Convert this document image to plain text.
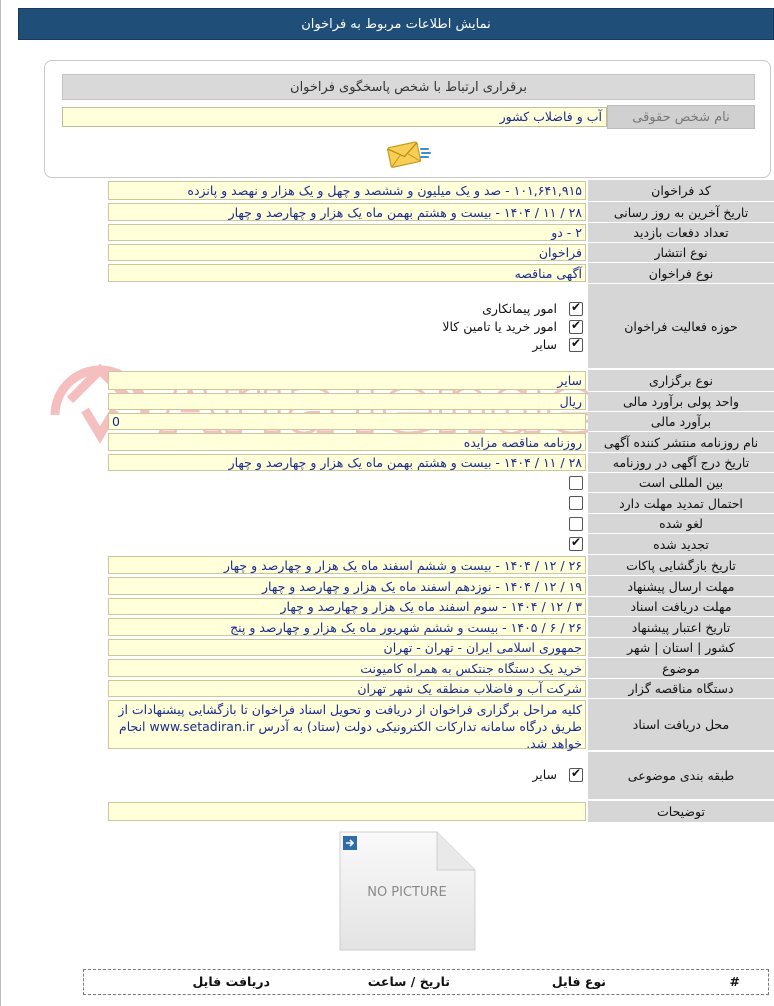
نمایش اطلاعات مربوط به فراخوان
برقراری ارتباط با شخص پاسخگوی فراخوان
نام شخص حقوقی
آب و فاضلاب کشور
کد فراخوان
۱۰۱,۶۴۱,۹۱۵ - صد و یک میلیون و ششصد و چهل و یک هزار و نهصد و پانزده
تاریخ آخرین به روز رسانی
۲۸ / ۱۱ / ۱۴۰۴ - بیست و هشتم بهمن ماه یک هزار و چهارصد و چهار
تعداد دفعات بازدید
۲ - دو
نوع انتشار
فراخوان
نوع فراخوان
آگهی مناقصه
حوزه فعالیت فراخوان
✔
امور پیمانکاری
✔
امور خرید یا تامین کالا
✔
سایر
نوع برگزاری
سایر
واحد پولی برآورد مالی
ریال
برآورد مالی
0
نام روزنامه منتشر کننده آگهی
روزنامه مناقصه مزایده
تاریخ درج آگهی در روزنامه
۲۸ / ۱۱ / ۱۴۰۴ - بیست و هشتم بهمن ماه یک هزار و چهارصد و چهار
بین المللی است
احتمال تمدید مهلت دارد
لغو شده
تجدید شده
✔
تاریخ بازگشایی پاکات
۲۶ / ۱۲ / ۱۴۰۴ - بیست و ششم اسفند ماه یک هزار و چهارصد و چهار
مهلت ارسال پیشنهاد
۱۹ / ۱۲ / ۱۴۰۴ - نوزدهم اسفند ماه یک هزار و چهارصد و چهار
مهلت دریافت اسناد
۳ / ۱۲ / ۱۴۰۴ - سوم اسفند ماه یک هزار و چهارصد و چهار
تاریخ اعتبار پیشنهاد
۲۶ / ۶ / ۱۴۰۵ - بیست و ششم شهریور ماه یک هزار و چهارصد و پنج
کشور | استان | شهر
جمهوری اسلامی ایران - تهران - تهران
موضوع
خرید یک دستگاه جنتکس به همراه کامیونت
دستگاه مناقصه گزار
شرکت آب و فاضلاب منطقه یک شهر تهران
محل دریافت اسناد
کلیه مراحل برگزاری فراخوان از دریافت و تحویل اسناد فراخوان تا بازگشایی پیشنهادات از طریق درگاه سامانه تدارکات الکترونیکی دولت (ستاد) به آدرس www.setadiran.ir انجام خواهد شد.
طبقه بندی موضوعی
✔
سایر
توضیحات
NO PICTURE
#
نوع فایل
تاریخ / ساعت
دریافت فایل
